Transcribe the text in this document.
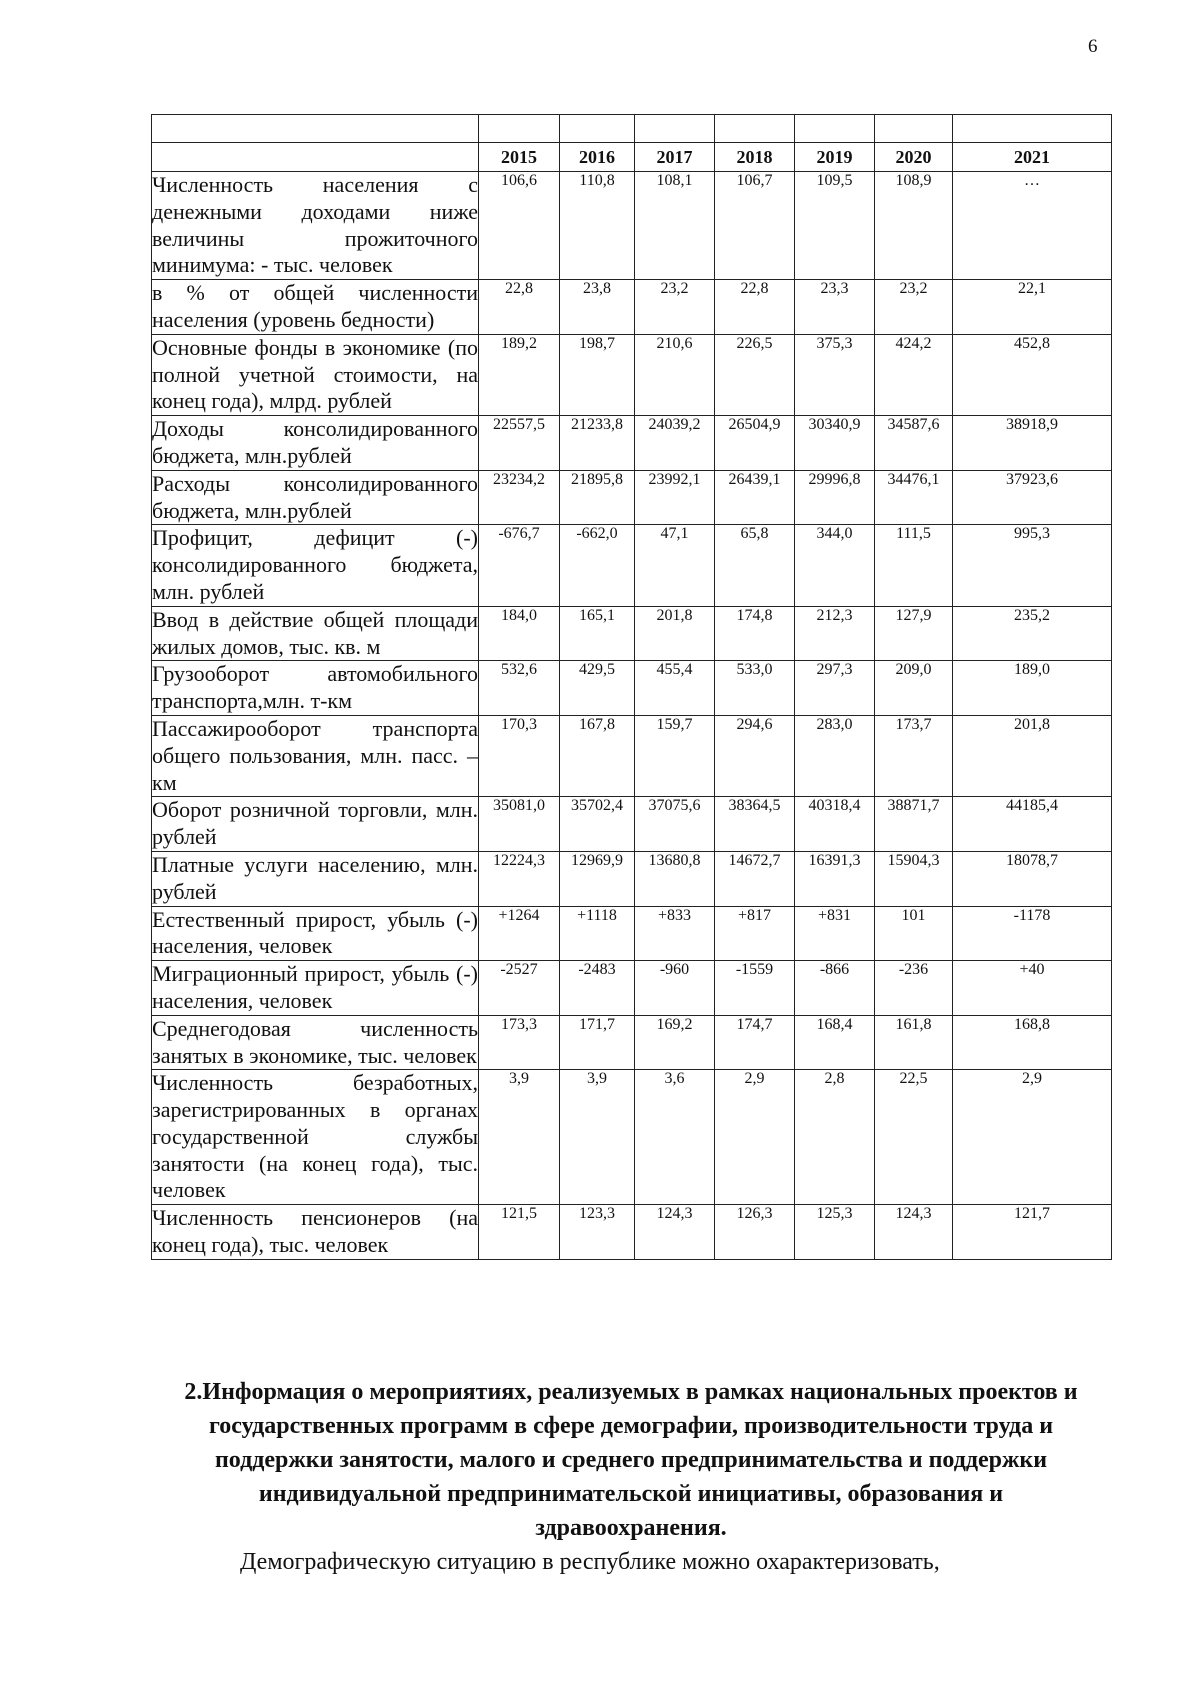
6

	2015	2016	2017	2018	2019	2020	2021
Численность населения с денежными доходами ниже величины прожиточного минимума: - тыс. человек	106,6	110,8	108,1	106,7	109,5	108,9	…
в % от общей численности населения (уровень бедности)	22,8	23,8	23,2	22,8	23,3	23,2	22,1
Основные фонды в экономике (по полной учетной стоимости, на конец года), млрд. рублей	189,2	198,7	210,6	226,5	375,3	424,2	452,8
Доходы консолидированного бюджета, млн.рублей	22557,5	21233,8	24039,2	26504,9	30340,9	34587,6	38918,9
Расходы консолидированного бюджета, млн.рублей	23234,2	21895,8	23992,1	26439,1	29996,8	34476,1	37923,6
Профицит, дефицит (-) консолидированного бюджета, млн. рублей	-676,7	-662,0	47,1	65,8	344,0	111,5	995,3
Ввод в действие общей площади жилых домов, тыс. кв. м	184,0	165,1	201,8	174,8	212,3	127,9	235,2
Грузооборот автомобильного транспорта,млн. т-км	532,6	429,5	455,4	533,0	297,3	209,0	189,0
Пассажирооборот транспорта общего пользования, млн. пасс. –км	170,3	167,8	159,7	294,6	283,0	173,7	201,8
Оборот розничной торговли, млн. рублей	35081,0	35702,4	37075,6	38364,5	40318,4	38871,7	44185,4
Платные услуги населению, млн. рублей	12224,3	12969,9	13680,8	14672,7	16391,3	15904,3	18078,7
Естественный прирост, убыль (-) населения, человек	+1264	+1118	+833	+817	+831	101	-1178
Миграционный прирост, убыль (-) населения, человек	-2527	-2483	-960	-1559	-866	-236	+40
Среднегодовая численность занятых в экономике, тыс. человек	173,3	171,7	169,2	174,7	168,4	161,8	168,8
Численность безработных, зарегистрированных в органах государственной службы занятости (на конец года), тыс. человек	3,9	3,9	3,6	2,9	2,8	22,5	2,9
Численность пенсионеров (на конец года), тыс. человек	121,5	123,3	124,3	126,3	125,3	124,3	121,7
2.Информация о мероприятиях, реализуемых в рамках национальных проектов и государственных программ в сфере демографии, производительности труда и поддержки занятости, малого и среднего предпринимательства и поддержки индивидуальной предпринимательской инициативы, образования и здравоохранения.
Демографическую ситуацию в республике можно охарактеризовать,
